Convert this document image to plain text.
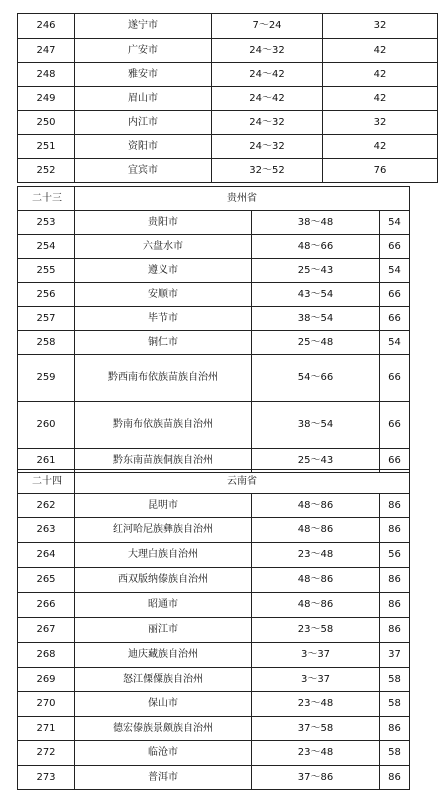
246	遂宁市	7～24	32
247	广安市	24～32	42
248	雅安市	24～42	42
249	眉山市	24～42	42
250	内江市	24～32	32
251	资阳市	24～32	42
252	宜宾市	32～52	76
二十三	贵州省		
253	贵阳市	38～48	54
254	六盘水市	48～66	66
255	遵义市	25～43	54
256	安顺市	43～54	66
257	毕节市	38～54	66
258	铜仁市	25～48	54
259	黔西南布依族苗族自治州	54～66	66
260	黔南布依族苗族自治州	38～54	66
261	黔东南苗族侗族自治州	25～43	66
二十四	云南省		
262	昆明市	48～86	86
263	红河哈尼族彝族自治州	48～86	86
264	大理白族自治州	23～48	56
265	西双版纳傣族自治州	48～86	86
266	昭通市	48～86	86
267	丽江市	23～58	86
268	迪庆藏族自治州	3～37	37
269	怒江傈僳族自治州	3～37	58
270	保山市	23～48	58
271	德宏傣族景颇族自治州	37～58	86
272	临沧市	23～48	58
273	普洱市	37～86	86
